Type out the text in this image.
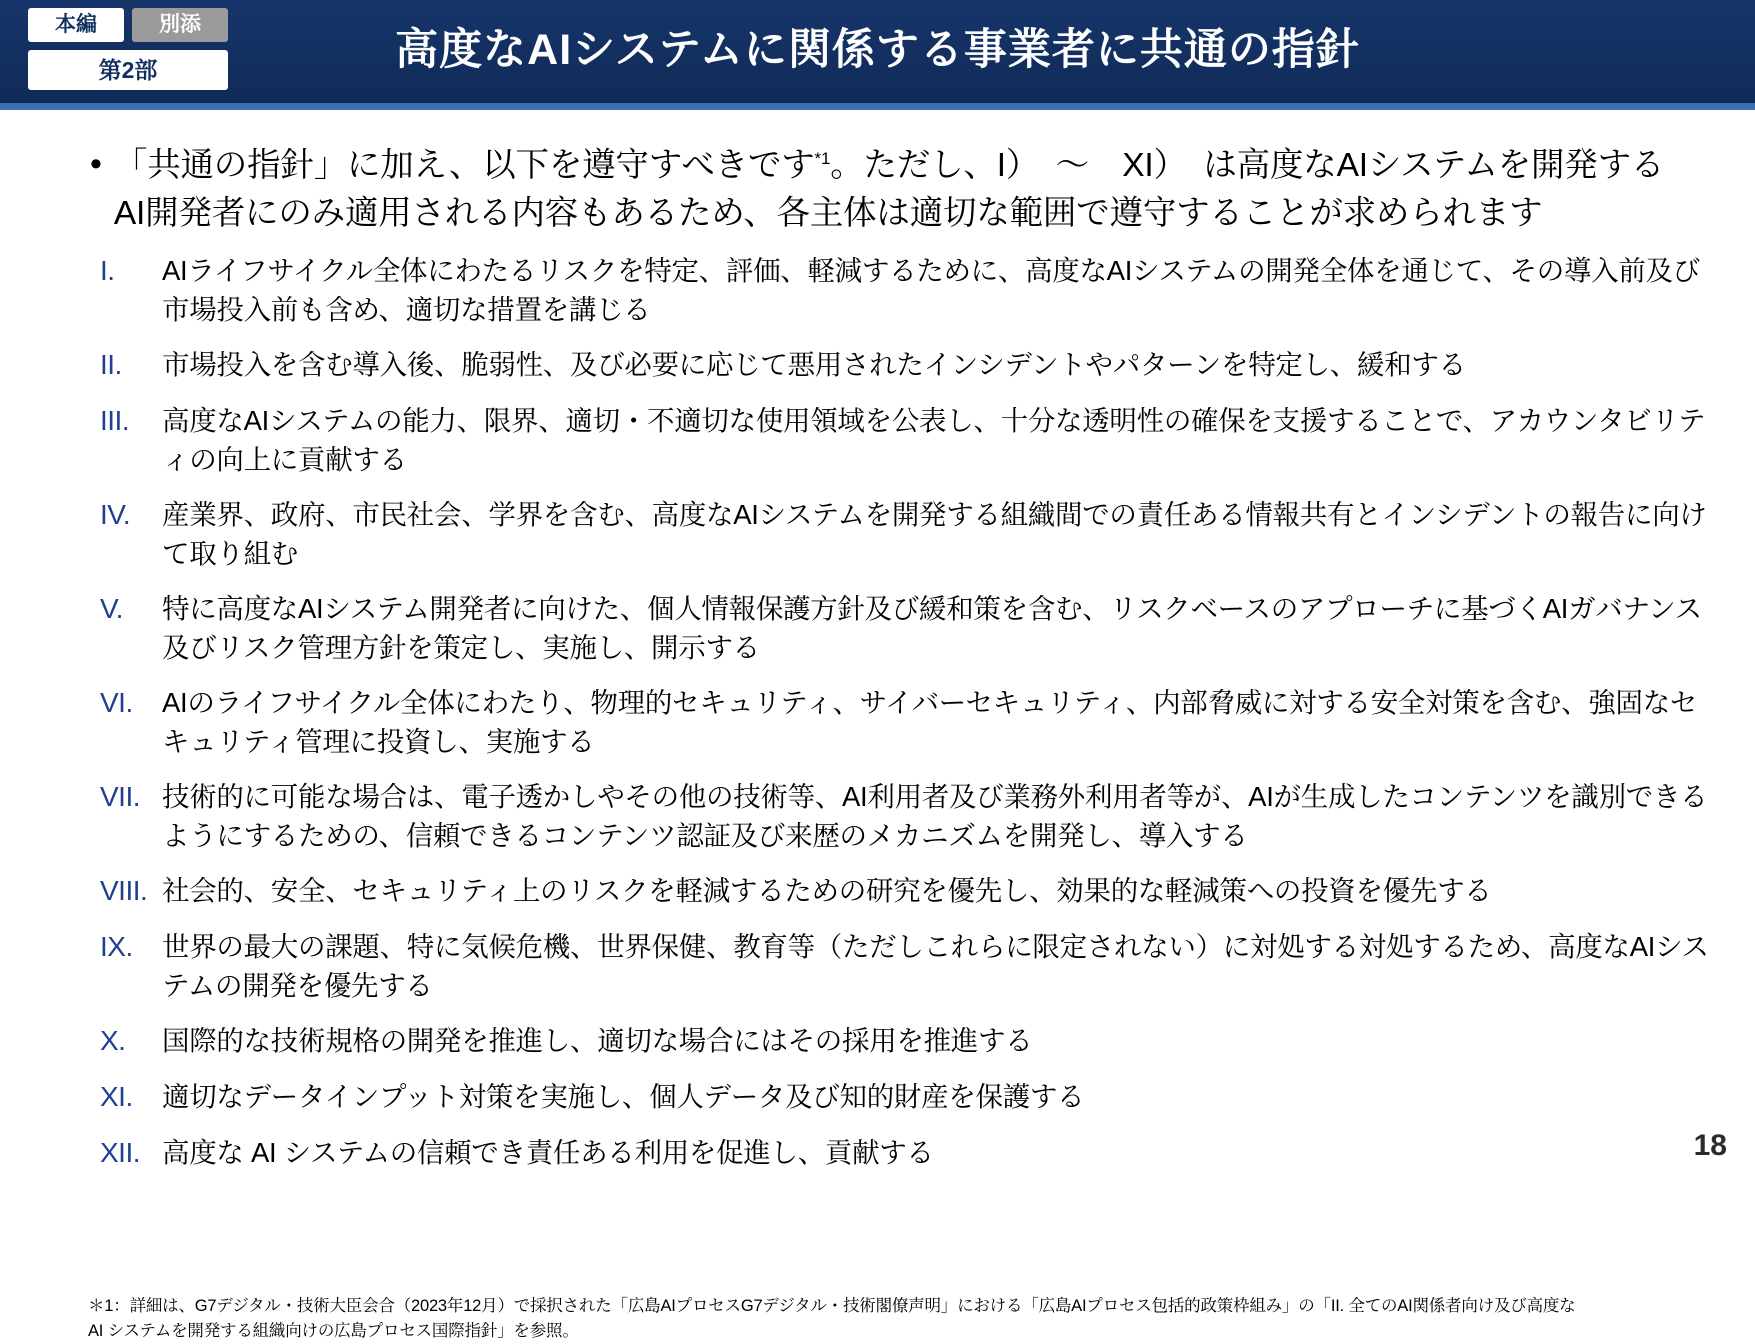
本編	別添
第2部	高度なAIシステムに関係する事業者に共通の指針
• 「共通の指針」に加え、以下を遵守すべきです$^{*1}$。ただし、I）　～　XI）　は高度なAIシステムを開発する
AI開発者にのみ適用される内容もあるため、各主体は適切な範囲で遵守することが求められます
I.	AIライフサイクル全体にわたるリスクを特定、評価、軽減するために、高度なAIシステムの開発全体を通じて、その導入前及び市場投入前も含め、適切な措置を講じる
II.	市場投入を含む導入後、脆弱性、及び必要に応じて悪用されたインシデントやパターンを特定し、緩和する
III.	高度なAIシステムの能力、限界、適切・不適切な使用領域を公表し、十分な透明性の確保を支援することで、アカウンタビリティの向上に貢献する
IV.	産業界、政府、市民社会、学界を含む、高度なAIシステムを開発する組織間での責任ある情報共有とインシデントの報告に向けて取り組む
V.	特に高度なAIシステム開発者に向けた、個人情報保護方針及び緩和策を含む、リスクベースのアプローチに基づくAIガバナンス及びリスク管理方針を策定し、実施し、開示する
VI.	AIのライフサイクル全体にわたり、物理的セキュリティ、サイバーセキュリティ、内部脅威に対する安全対策を含む、強固なセキュリティ管理に投資し、実施する
VII. 技術的に可能な場合は、電子透かしやその他の技術等、AI利用者及び業務外利用者等が、AIが生成したコンテンツを識別できるようにするための、信頼できるコンテンツ認証及び来歴のメカニズムを開発し、導入する
VIII. 社会的、安全、セキュリティ上のリスクを軽減するための研究を優先し、効果的な軽減策への投資を優先する
IX.	世界の最大の課題、特に気候危機、世界保健、教育等（ただしこれらに限定されない）に対処する対処するため、高度なAIシステムの開発を優先する
X.	国際的な技術規格の開発を推進し、適切な場合にはその採用を推進する
XI.	適切なデータインプット対策を実施し、個人データ及び知的財産を保護する
XII. 高度な AI システムの信頼でき責任ある利用を促進し、貢献する
＊1：詳細は、G7デジタル・技術大臣会合（2023年12月）で採択された「広島AIプロセスG7デジタル・技術閣僚声明」における「広島AIプロセス包括的政策枠組み」の「II. 全てのAI関係者向け及び高度な AI システムを開発する組織向けの広島プロセス国際指針」を参照。
18
